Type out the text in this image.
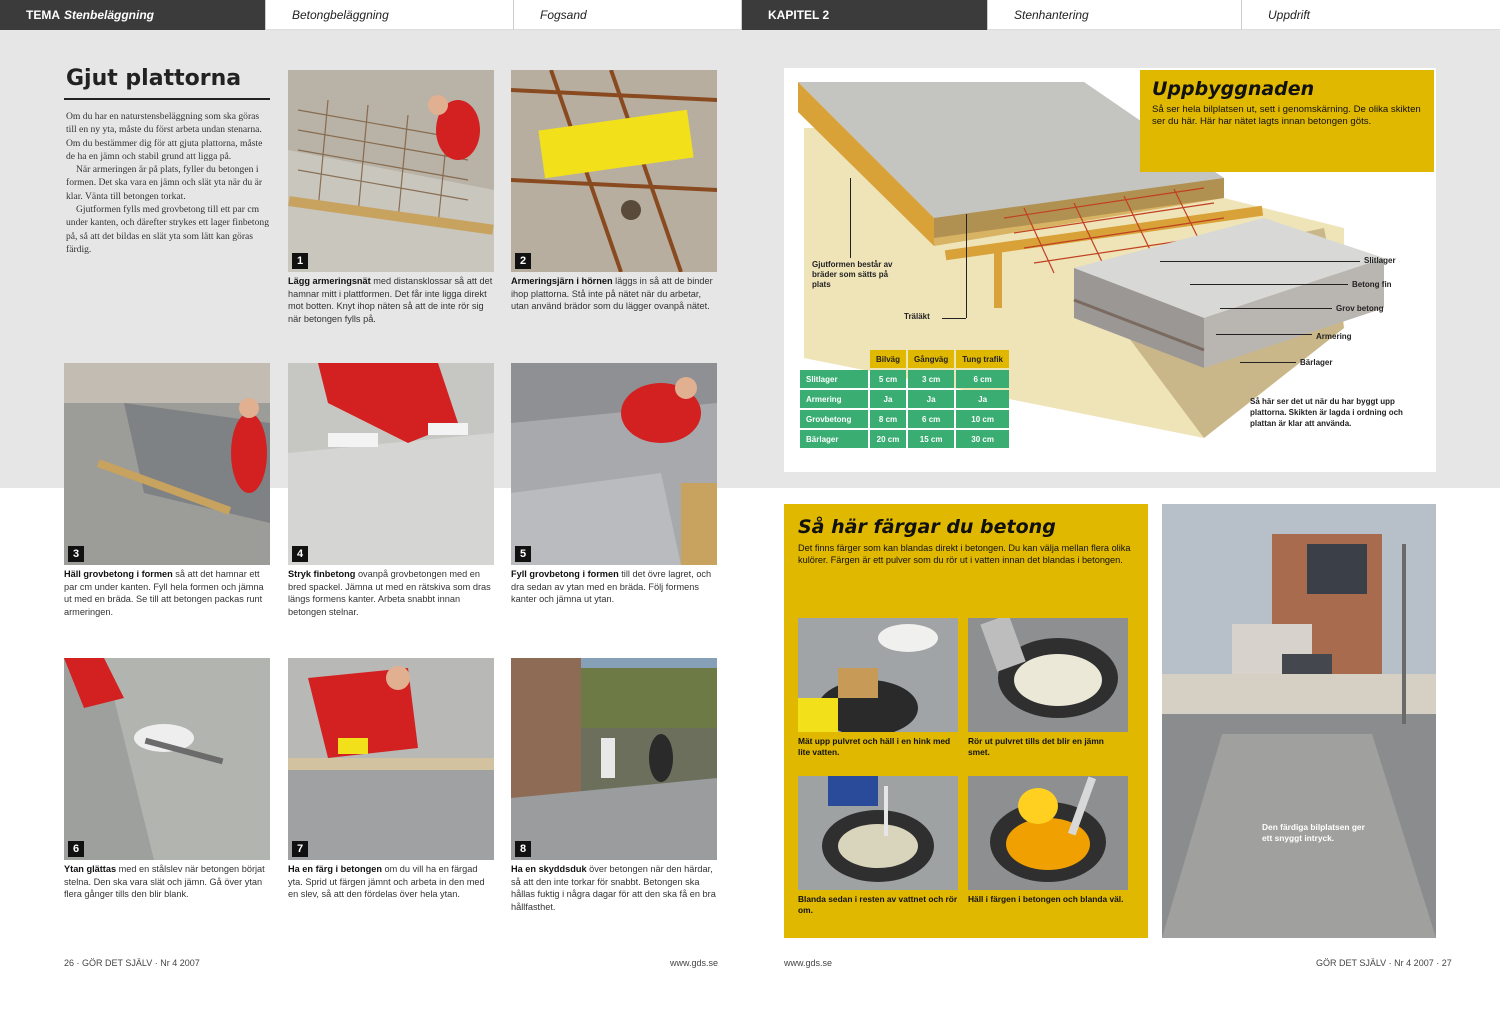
TEMA Stenbeläggning	Betongbeläggning	Fogsand	KAPITEL 2	Stenhantering	Uppdrift
Gjut plattorna

Om du har en naturstensbeläggning som ska göras till en ny yta, måste du först arbeta undan stenarna. Om du bestämmer dig för att gjuta plattorna, måste de ha en jämn och stabil grund att ligga på.

När armeringen är på plats, fyller du betongen i formen. Det ska vara en jämn och slät yta när du är klar. Vänta till betongen torkat.

Gjutformen fylls med grovbetong till ett par cm under kanten, och därefter strykes ett lager finbetong på, så att det bildas en slät yta som lätt kan göras färdig.

1
Lägg armeringsnät med distansklossar så att det hamnar mitt i plattformen. Det får inte ligga direkt mot botten. Knyt ihop näten så att de inte rör sig när betongen fylls på.
2
Armeringsjärn i hörnen läggs in så att de binder ihop plattorna. Stå inte på nätet när du arbetar, utan använd brädor som du lägger ovanpå nätet.
3
Häll grovbetong i formen så att det hamnar ett par cm under kanten. Fyll hela formen och jämna ut med en bräda. Se till att betongen packas runt armeringen.
4
Stryk finbetong ovanpå grovbetongen med en bred spackel. Jämna ut med en rätskiva som dras längs formens kanter. Arbeta snabbt innan betongen stelnar.
5
Fyll grovbetong i formen till det övre lagret, och dra sedan av ytan med en bräda. Följ formens kanter och jämna ut ytan.
6
Ytan glättas med en stålslev när betongen börjat stelna. Den ska vara slät och jämn. Gå över ytan flera gånger tills den blir blank.
7
Ha en färg i betongen om du vill ha en färgad yta. Sprid ut färgen jämnt och arbeta in den med en slev, så att den fördelas över hela ytan.
8
Ha en skyddsduk över betongen när den härdar, så att den inte torkar för snabbt. Betongen ska hållas fuktig i några dagar för att den ska få en bra hållfasthet.
26 · GÖR DET SJÄLV · Nr 4 2007	www.gds.se
Gjutformen består av bräder som sätts på plats
Träläkt
Slitlager
Betong fin
Grov betong
Armering
Bärlager
Uppbyggnaden

Så ser hela bilplatsen ut, sett i genomskärning. De olika skikten ser du här. Här har nätet lagts innan betongen göts.

	Bilväg	Gångväg	Tung trafik
Slitlager	5 cm	3 cm	6 cm
Armering	Ja	Ja	Ja
Grovbetong	8 cm	6 cm	10 cm
Bärlager	20 cm	15 cm	30 cm
Så här ser det ut när du har byggt upp plattorna. Skikten är lagda i ordning och plattan är klar att använda.
Så här färgar du betong

Det finns färger som kan blandas direkt i betongen. Du kan välja mellan flera olika kulörer. Färgen är ett pulver som du rör ut i vatten innan det blandas i betongen.

Mät upp pulvret och häll i en hink med lite vatten.
Rör ut pulvret tills det blir en jämn smet.
Blanda sedan i resten av vattnet och rör om.
Häll i färgen i betongen och blanda väl.
Den färdiga bilplatsen ger ett snyggt intryck.
www.gds.se	GÖR DET SJÄLV · Nr 4 2007 · 27
